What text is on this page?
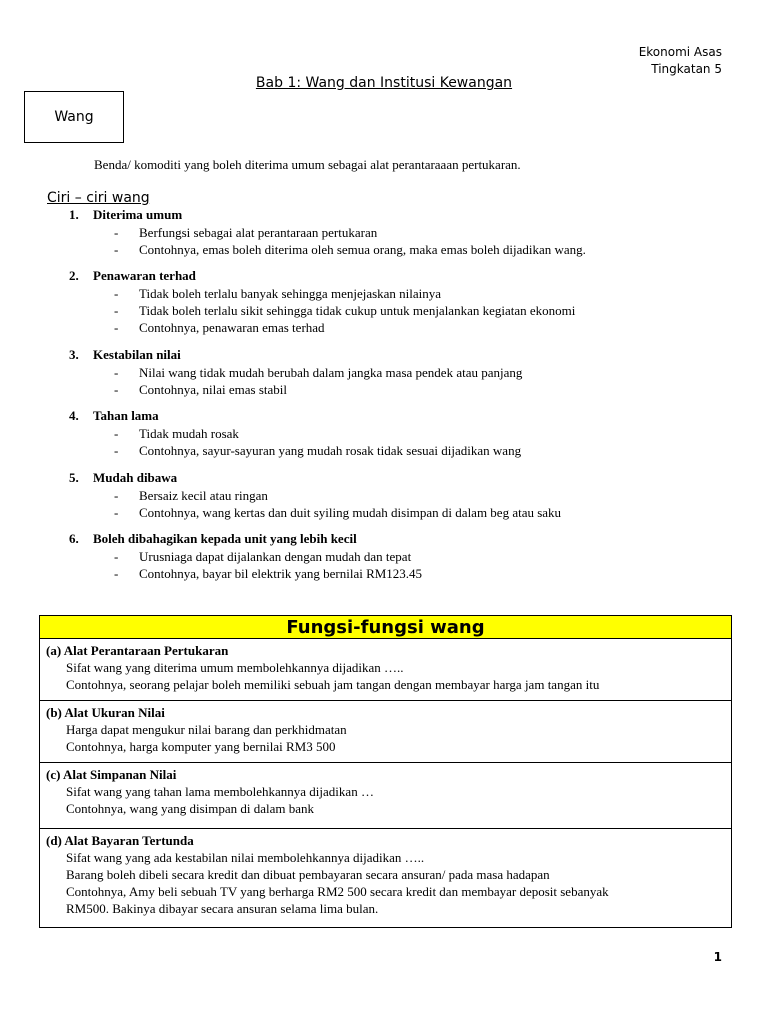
Ekonomi Asas
Tingkatan 5
Bab 1: Wang dan Institusi Kewangan
Wang
Benda/ komoditi yang boleh diterima umum sebagai alat perantaraaan pertukaran.
Ciri – ciri wang
1. Diterima umum
- Berfungsi sebagai alat perantaraan pertukaran
- Contohnya, emas boleh diterima oleh semua orang, maka emas boleh dijadikan wang.
2. Penawaran terhad
- Tidak boleh terlalu banyak sehingga menjejaskan nilainya
- Tidak boleh terlalu sikit sehingga tidak cukup untuk menjalankan kegiatan ekonomi
- Contohnya, penawaran emas terhad
3. Kestabilan nilai
- Nilai wang tidak mudah berubah dalam jangka masa pendek atau panjang
- Contohnya, nilai emas stabil
4. Tahan lama
- Tidak mudah rosak
- Contohnya, sayur-sayuran yang mudah rosak tidak sesuai dijadikan wang
5. Mudah dibawa
- Bersaiz kecil atau ringan
- Contohnya, wang kertas dan duit syiling mudah disimpan di dalam beg atau saku
6. Boleh dibahagikan kepada unit yang lebih kecil
- Urusniaga dapat dijalankan dengan mudah dan tepat
- Contohnya, bayar bil elektrik yang bernilai RM123.45
Fungsi-fungsi wang
(a) Alat Perantaraan Pertukaran
Sifat wang yang diterima umum membolehkannya dijadikan …..
Contohnya, seorang pelajar boleh memiliki sebuah jam tangan dengan membayar harga jam tangan itu
(b) Alat Ukuran Nilai
Harga dapat mengukur nilai barang dan perkhidmatan
Contohnya, harga komputer yang bernilai RM3 500
(c) Alat Simpanan Nilai
Sifat wang yang tahan lama membolehkannya dijadikan …
Contohnya, wang yang disimpan di dalam bank
(d) Alat Bayaran Tertunda
Sifat wang yang ada kestabilan nilai membolehkannya dijadikan …..
Barang boleh dibeli secara kredit dan dibuat pembayaran secara ansuran/ pada masa hadapan
Contohnya, Amy beli sebuah TV yang berharga RM2 500 secara kredit dan membayar deposit sebanyak
RM500. Bakinya dibayar secara ansuran selama lima bulan.
1
